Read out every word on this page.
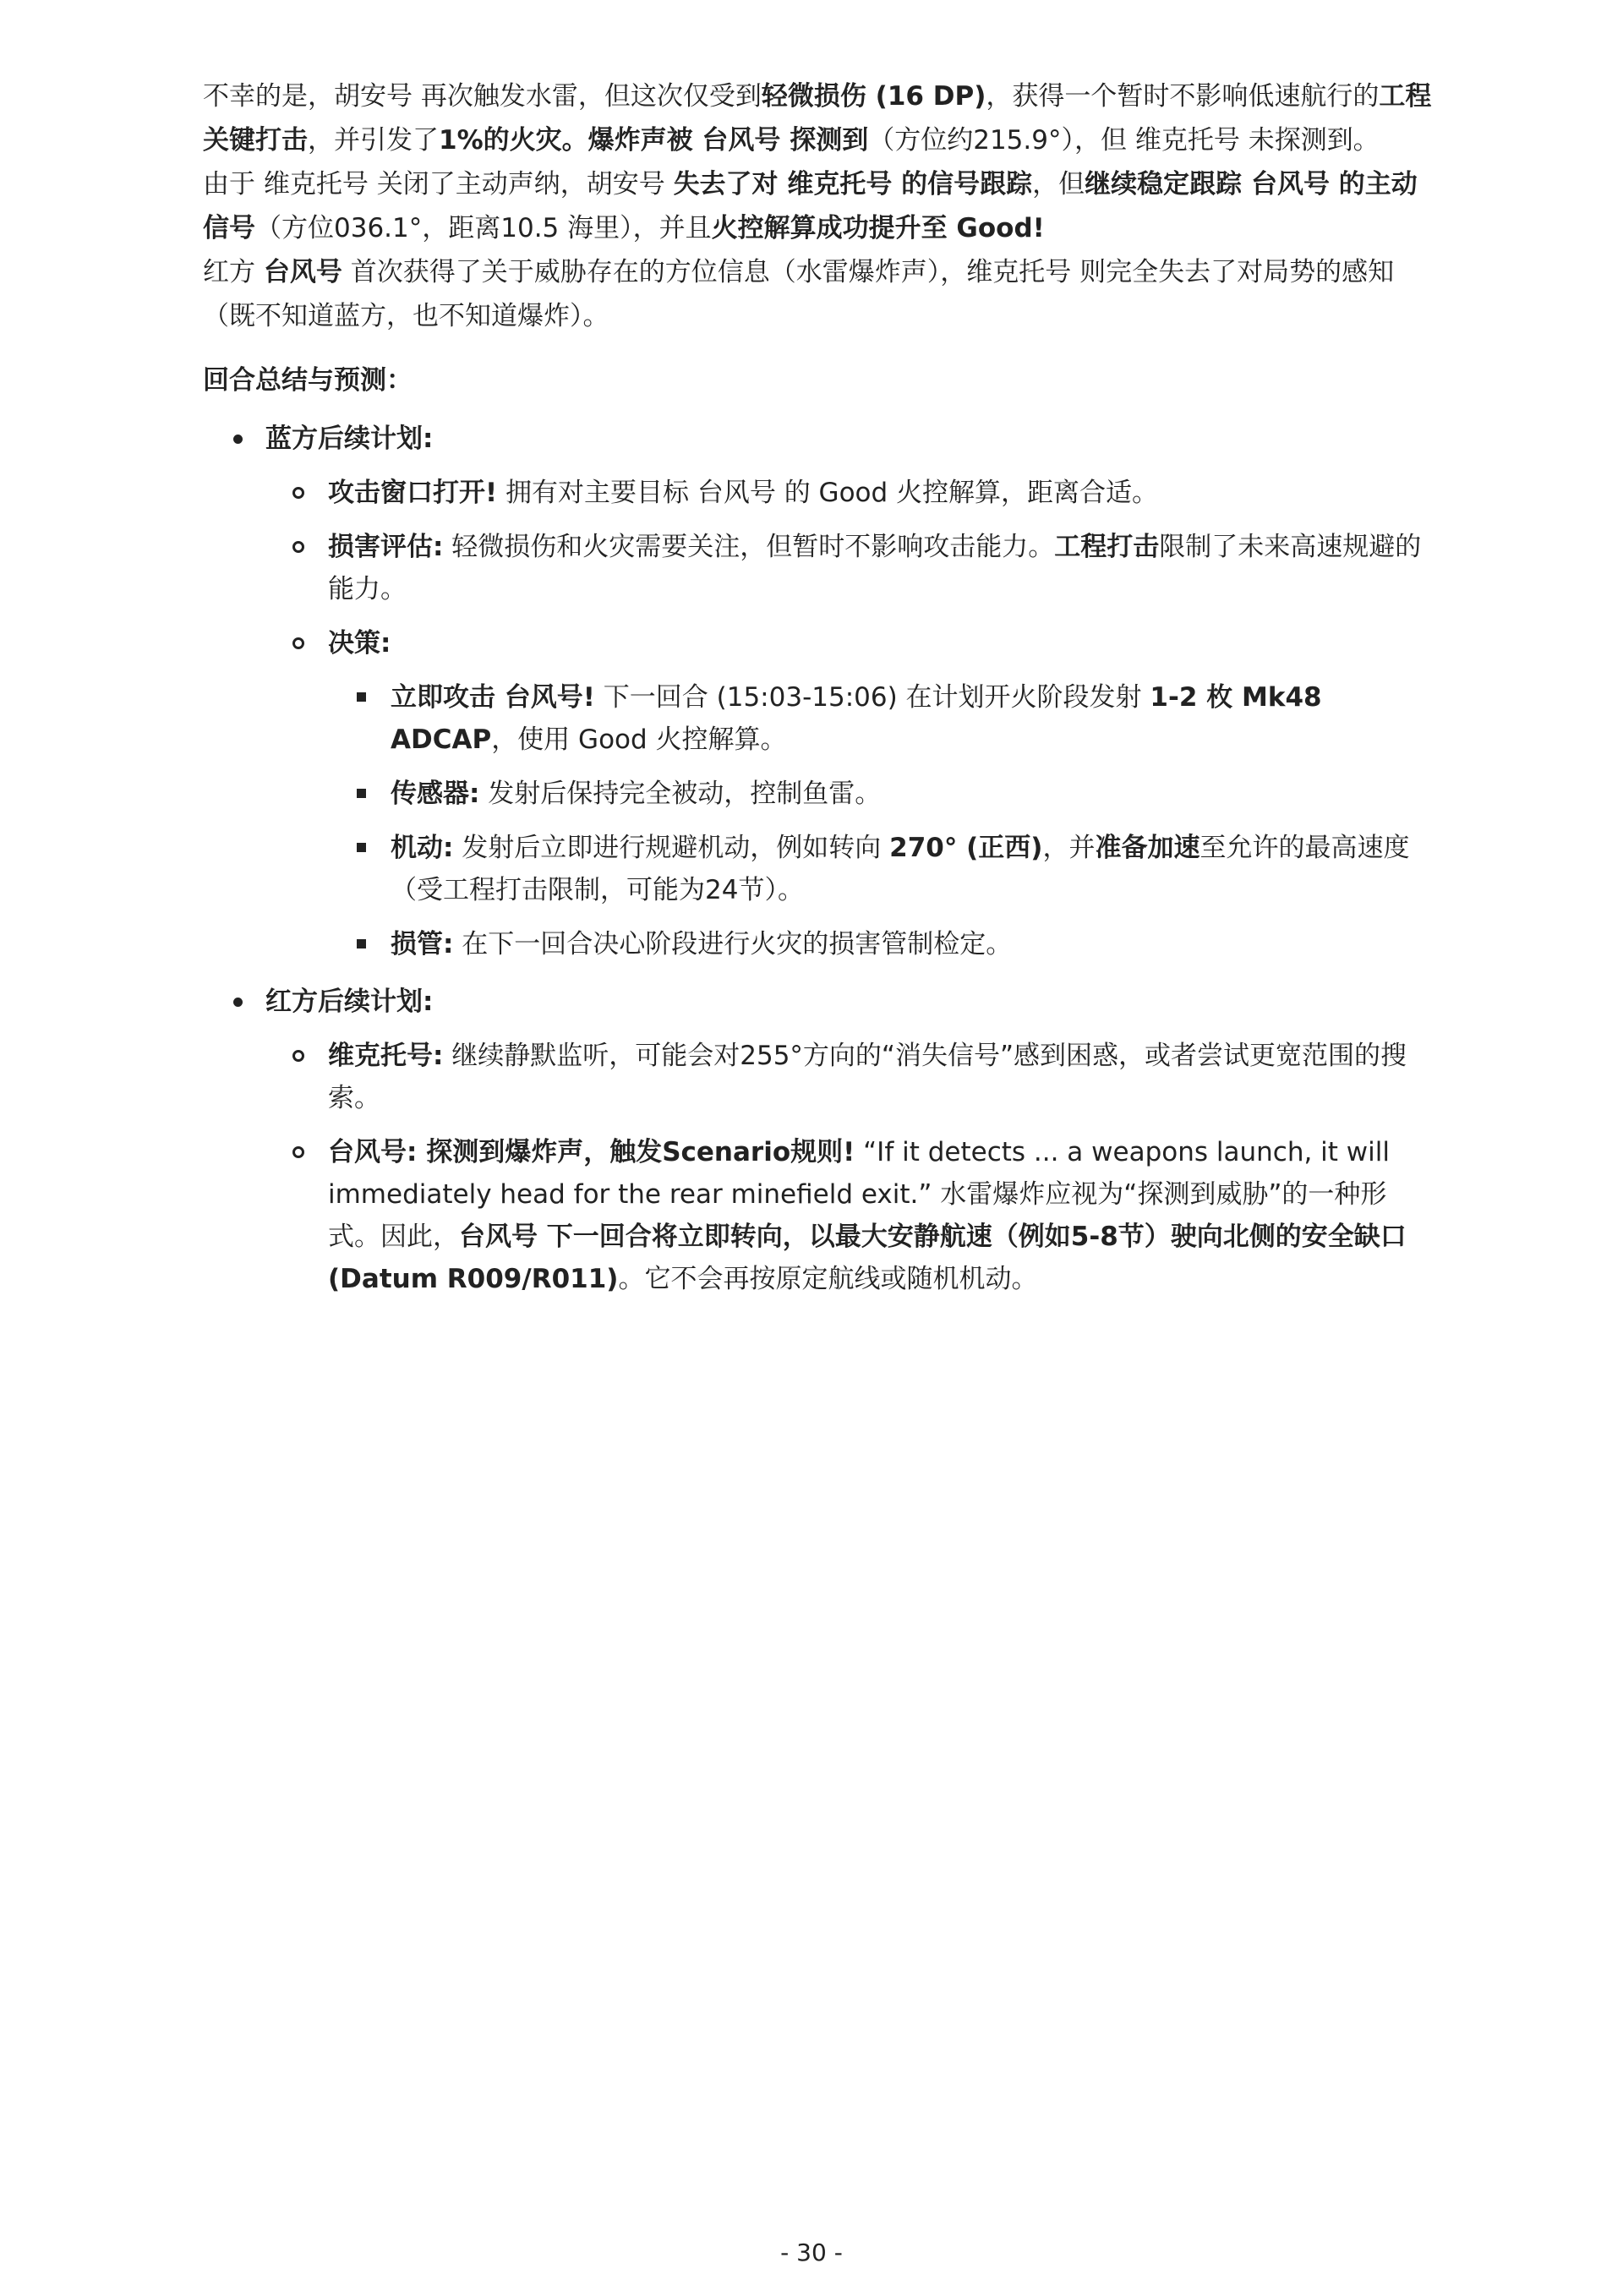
不幸的是，胡安号 再次触发水雷，但这次仅受到轻微损伤 (16 DP)，获得一个暂时不影响低速航行的工程关键打击，并引发了1%的火灾。爆炸声被 台风号 探测到（方位约215.9°），但 维克托号 未探测到。

由于 维克托号 关闭了主动声纳，胡安号 失去了对 维克托号 的信号跟踪，但继续稳定跟踪 台风号 的主动信号（方位036.1°，距离10.5 海里），并且火控解算成功提升至 Good!

红方 台风号 首次获得了关于威胁存在的方位信息（水雷爆炸声），维克托号 则完全失去了对局势的感知（既不知道蓝方，也不知道爆炸）。

回合总结与预测：

蓝方后续计划:
攻击窗口打开! 拥有对主要目标 台风号 的 Good 火控解算，距离合适。
损害评估: 轻微损伤和火灾需要关注，但暂时不影响攻击能力。工程打击限制了未来高速规避的能力。
决策:
立即攻击 台风号! 下一回合 (15:03-15:06) 在计划开火阶段发射 1-2 枚 Mk48 ADCAP，使用 Good 火控解算。
传感器: 发射后保持完全被动，控制鱼雷。
机动: 发射后立即进行规避机动，例如转向 270° (正西)，并准备加速至允许的最高速度（受工程打击限制，可能为24节）。
损管: 在下一回合决心阶段进行火灾的损害管制检定。
红方后续计划:
维克托号: 继续静默监听，可能会对255°方向的“消失信号”感到困惑，或者尝试更宽范围的搜索。
台风号: 探测到爆炸声，触发Scenario规则! “If it detects ... a weapons launch, it will immediately head for the rear minefield exit.” 水雷爆炸应视为“探测到威胁”的一种形式。因此，台风号 下一回合将立即转向，以最大安静航速（例如5-8节）驶向北侧的安全缺口 (Datum R009/R011)。它不会再按原定航线或随机机动。
- 30 -
